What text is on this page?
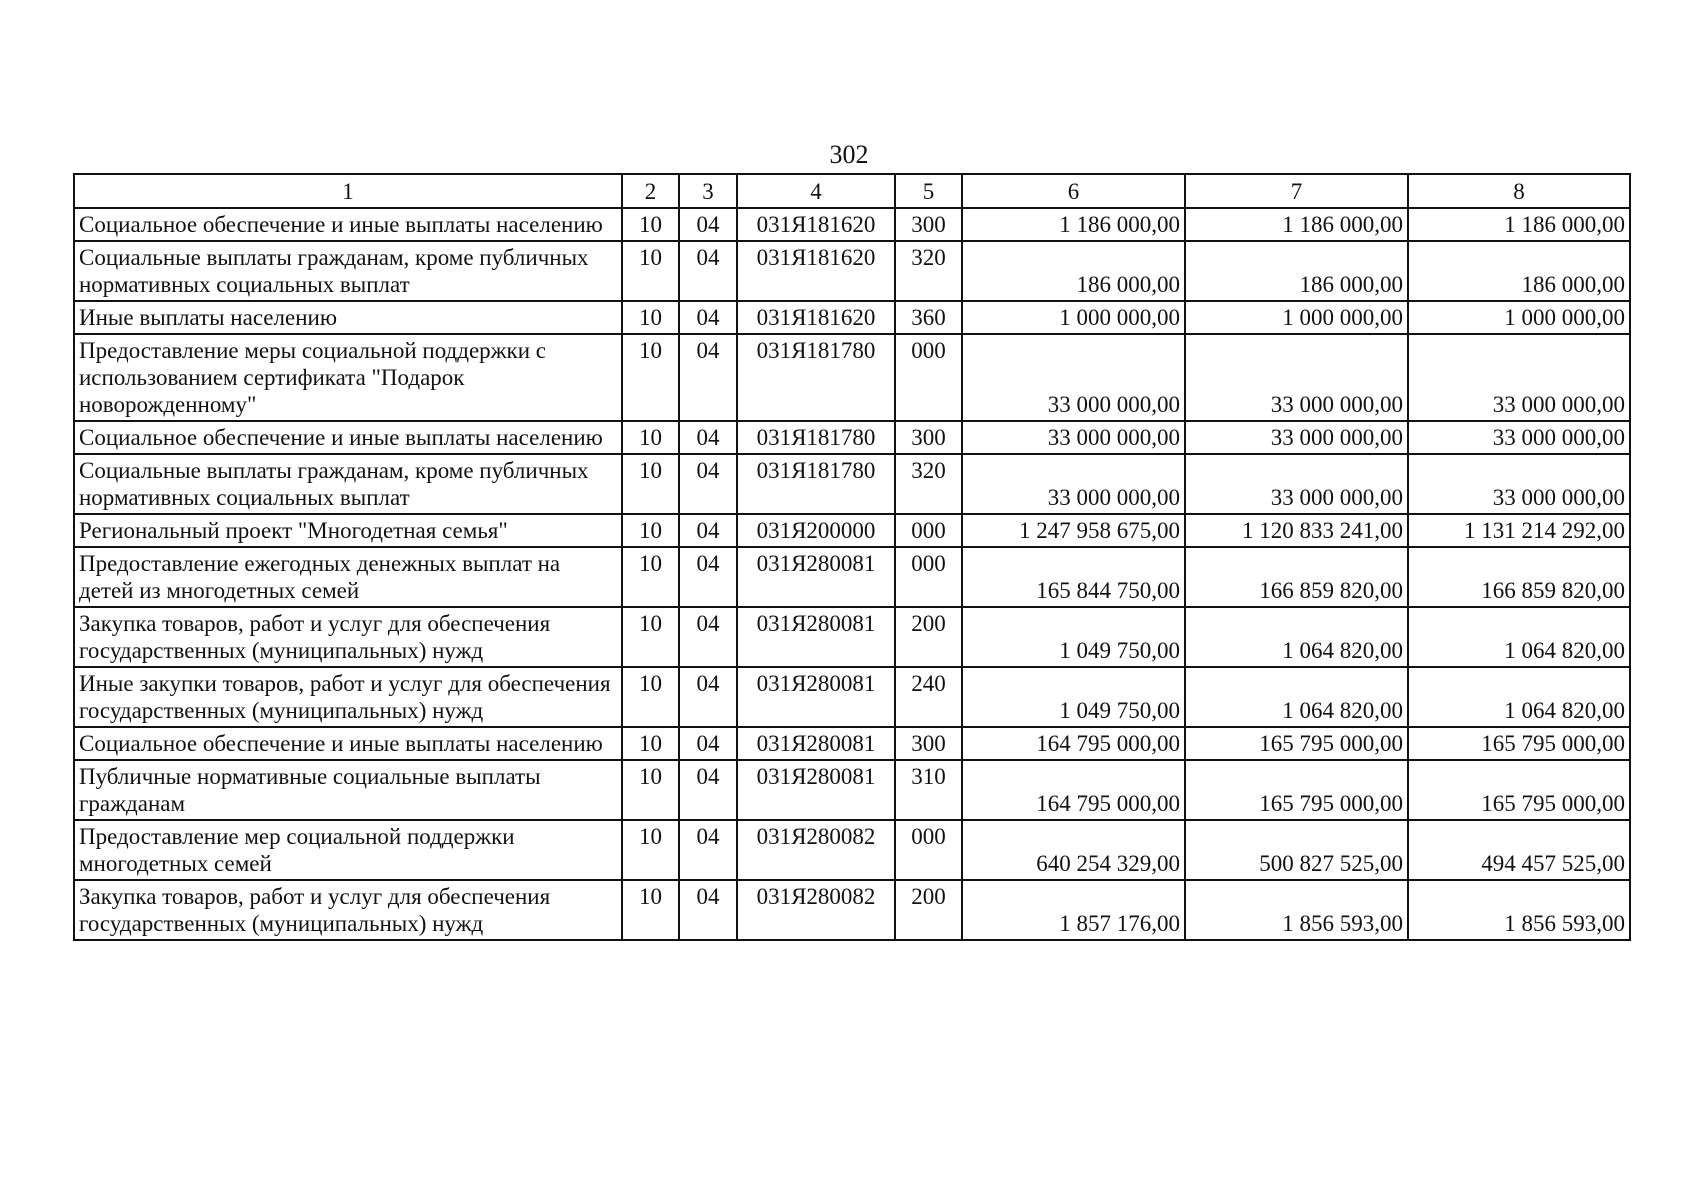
302
1	2	3	4	5	6	7	8
Социальное обеспечение и иные выплаты населению	10	04	031Я181620	300	1 186 000,00	1 186 000,00	1 186 000,00
Социальные выплаты гражданам, кроме публичных нормативных социальных выплат	10	04	031Я181620	320	186 000,00	186 000,00	186 000,00
Иные выплаты населению	10	04	031Я181620	360	1 000 000,00	1 000 000,00	1 000 000,00
Предоставление меры социальной поддержки с использованием сертификата "Подарок новорожденному"	10	04	031Я181780	000	33 000 000,00	33 000 000,00	33 000 000,00
Социальное обеспечение и иные выплаты населению	10	04	031Я181780	300	33 000 000,00	33 000 000,00	33 000 000,00
Социальные выплаты гражданам, кроме публичных нормативных социальных выплат	10	04	031Я181780	320	33 000 000,00	33 000 000,00	33 000 000,00
Региональный проект "Многодетная семья"	10	04	031Я200000	000	1 247 958 675,00	1 120 833 241,00	1 131 214 292,00
Предоставление ежегодных денежных выплат на детей из многодетных семей	10	04	031Я280081	000	165 844 750,00	166 859 820,00	166 859 820,00
Закупка товаров, работ и услуг для обеспечения государственных (муниципальных) нужд	10	04	031Я280081	200	1 049 750,00	1 064 820,00	1 064 820,00
Иные закупки товаров, работ и услуг для обеспечения государственных (муниципальных) нужд	10	04	031Я280081	240	1 049 750,00	1 064 820,00	1 064 820,00
Социальное обеспечение и иные выплаты населению	10	04	031Я280081	300	164 795 000,00	165 795 000,00	165 795 000,00
Публичные нормативные социальные выплаты гражданам	10	04	031Я280081	310	164 795 000,00	165 795 000,00	165 795 000,00
Предоставление мер социальной поддержки многодетных семей	10	04	031Я280082	000	640 254 329,00	500 827 525,00	494 457 525,00
Закупка товаров, работ и услуг для обеспечения государственных (муниципальных) нужд	10	04	031Я280082	200	1 857 176,00	1 856 593,00	1 856 593,00
